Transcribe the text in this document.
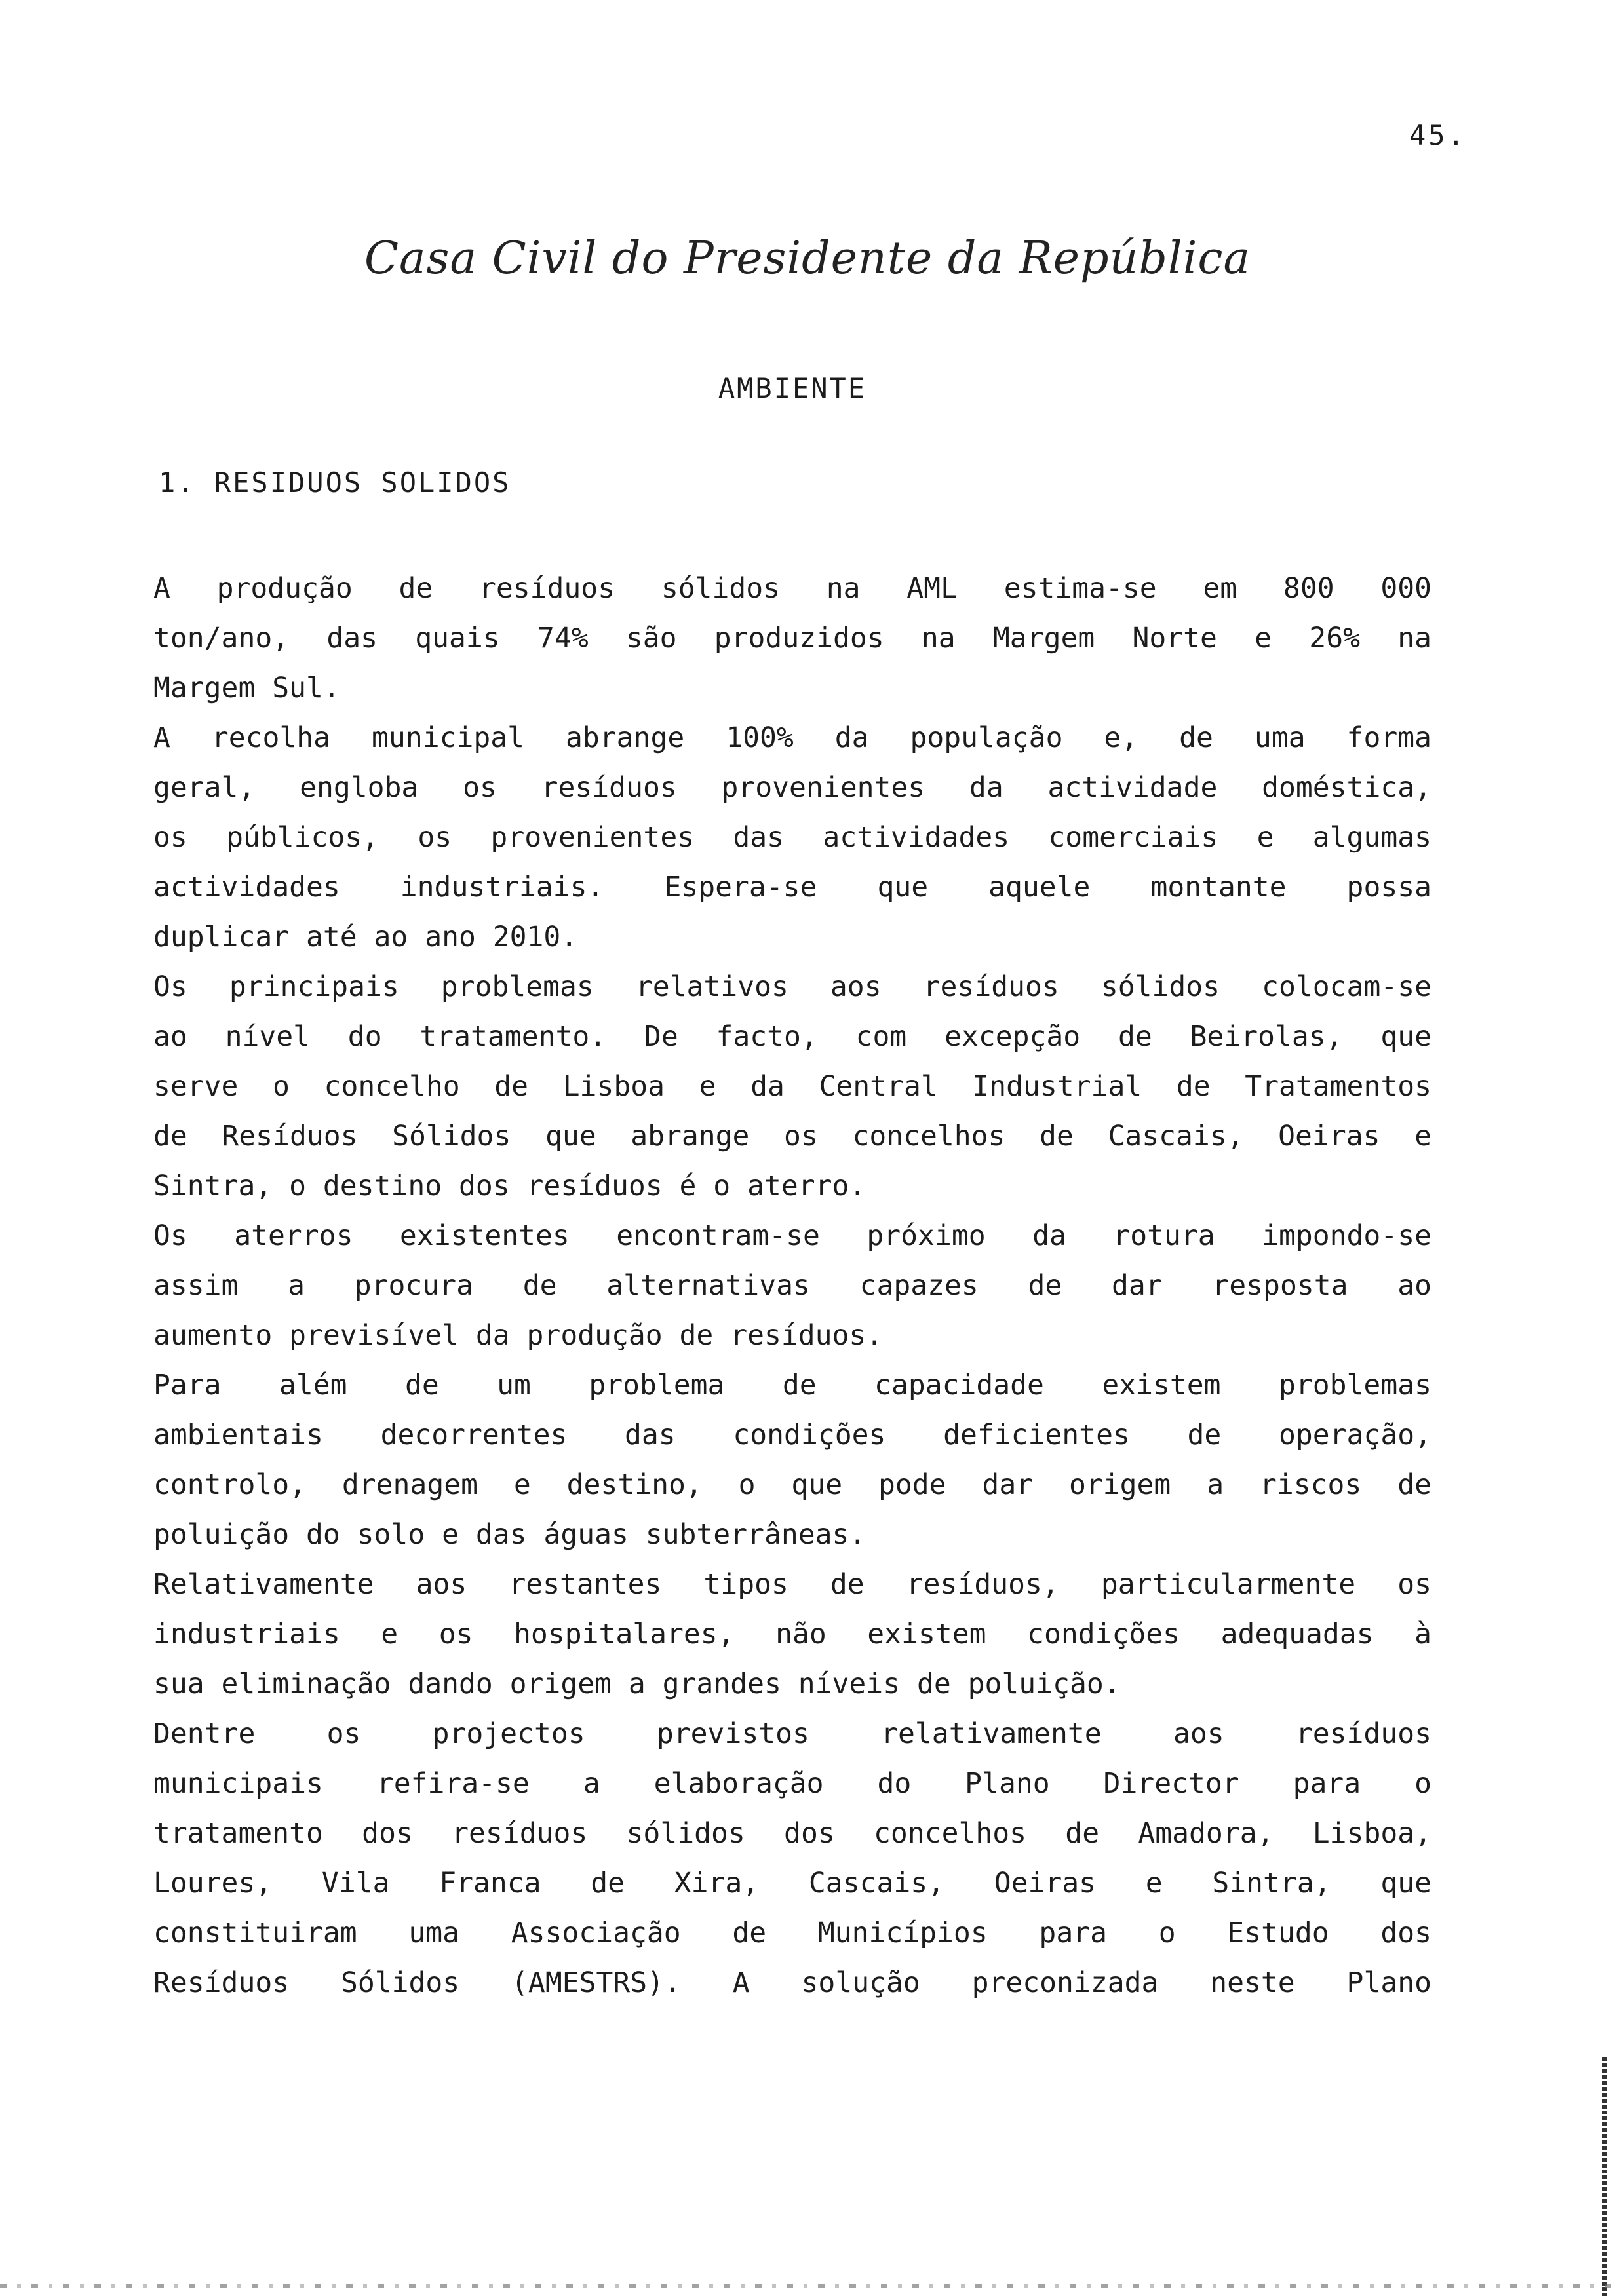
45.
Casa Civil do Presidente da República
AMBIENTE
1. RESIDUOS SOLIDOS
A produção de resíduos sólidos na AML estima-se em 800 000
ton/ano, das quais 74% são produzidos na Margem Norte e 26% na
Margem Sul.
A recolha municipal abrange 100% da população e, de uma forma
geral, engloba os resíduos provenientes da actividade doméstica,
os públicos, os provenientes das actividades comerciais e algumas
actividades industriais. Espera-se que aquele montante possa
duplicar até ao ano 2010.
Os principais problemas relativos aos resíduos sólidos colocam-se
ao nível do tratamento. De facto, com excepção de Beirolas, que
serve o concelho de Lisboa e da Central Industrial de Tratamentos
de Resíduos Sólidos que abrange os concelhos de Cascais, Oeiras e
Sintra, o destino dos resíduos é o aterro.
Os aterros existentes encontram-se próximo da rotura impondo-se
assim a procura de alternativas capazes de dar resposta ao
aumento previsível da produção de resíduos.
Para além de um problema de capacidade existem problemas
ambientais decorrentes das condições deficientes de operação,
controlo, drenagem e destino, o que pode dar origem a riscos de
poluição do solo e das águas subterrâneas.
Relativamente aos restantes tipos de resíduos, particularmente os
industriais e os hospitalares, não existem condições adequadas à
sua eliminação dando origem a grandes níveis de poluição.
Dentre os projectos previstos relativamente aos resíduos
municipais refira-se a elaboração do Plano Director para o
tratamento dos resíduos sólidos dos concelhos de Amadora, Lisboa,
Loures, Vila Franca de Xira, Cascais, Oeiras e Sintra, que
constituiram uma Associação de Municípios para o Estudo dos
Resíduos Sólidos (AMESTRS). A solução preconizada neste Plano
